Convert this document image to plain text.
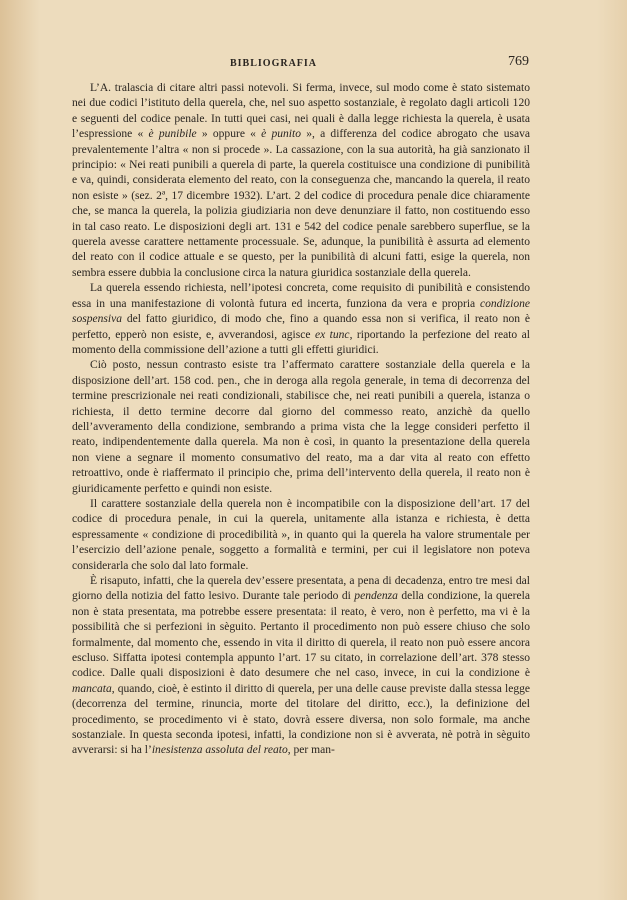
BIBLIOGRAFIA	769

L’A. tralascia di citare altri passi notevoli. Si ferma, invece, sul modo come è stato sistemato nei due codici l’istituto della querela, che, nel suo aspetto sostanziale, è regolato dagli articoli 120 e seguenti del codice penale. In tutti quei casi, nei quali è dalla legge richiesta la querela, è usata l’espressione « è punibile » oppure « è punito », a differenza del codice abrogato che usava prevalentemente l’altra « non si procede ». La cassazione, con la sua autorità, ha già sanzionato il principio: « Nei reati punibili a querela di parte, la querela costituisce una condizione di punibilità e va, quindi, considerata elemento del reato, con la conseguenza che, mancando la querela, il reato non esiste » (sez. 2ª, 17 dicembre 1932). L’art. 2 del codice di procedura penale dice chiaramente che, se manca la querela, la polizia giudiziaria non deve denunziare il fatto, non costituendo esso in tal caso reato. Le disposizioni degli art. 131 e 542 del codice penale sarebbero superflue, se la querela avesse carattere nettamente processuale. Se, adunque, la punibilità è assurta ad elemento del reato con il codice attuale e se questo, per la punibilità di alcuni fatti, esige la querela, non sembra essere dubbia la conclusione circa la natura giuridica sostanziale della querela.

La querela essendo richiesta, nell’ipotesi concreta, come requisito di punibilità e consistendo essa in una manifestazione di volontà futura ed incerta, funziona da vera e propria condizione sospensiva del fatto giuridico, di modo che, fino a quando essa non si verifica, il reato non è perfetto, epperò non esiste, e, avverandosi, agisce ex tunc, riportando la perfezione del reato al momento della commissione dell’azione a tutti gli effetti giuridici.

Ciò posto, nessun contrasto esiste tra l’affermato carattere sostanziale della querela e la disposizione dell’art. 158 cod. pen., che in deroga alla regola generale, in tema di decorrenza del termine prescrizionale nei reati condizionali, stabilisce che, nei reati punibili a querela, istanza o richiesta, il detto termine decorre dal giorno del commesso reato, anzichè da quello dell’avveramento della condizione, sembrando a prima vista che la legge consideri perfetto il reato, indipendentemente dalla querela. Ma non è così, in quanto la presentazione della querela non viene a segnare il momento consumativo del reato, ma a dar vita al reato con effetto retroattivo, onde è riaffermato il principio che, prima dell’intervento della querela, il reato non è giuridicamente perfetto e quindi non esiste.

Il carattere sostanziale della querela non è incompatibile con la disposizione dell’art. 17 del codice di procedura penale, in cui la querela, unitamente alla istanza e richiesta, è detta espressamente « condizione di procedibilità », in quanto qui la querela ha valore strumentale per l’esercizio dell’azione penale, soggetto a formalità e termini, per cui il legislatore non poteva considerarla che solo dal lato formale.

È risaputo, infatti, che la querela dev’essere presentata, a pena di decadenza, entro tre mesi dal giorno della notizia del fatto lesivo. Durante tale periodo di pendenza della condizione, la querela non è stata presentata, ma potrebbe essere presentata: il reato, è vero, non è perfetto, ma vi è la possibilità che si perfezioni in sèguito. Pertanto il procedimento non può essere chiuso che solo formalmente, dal momento che, essendo in vita il diritto di querela, il reato non può essere ancora escluso. Siffatta ipotesi contempla appunto l’art. 17 su citato, in correlazione dell’art. 378 stesso codice. Dalle quali disposizioni è dato desumere che nel caso, invece, in cui la condizione è mancata, quando, cioè, è estinto il diritto di querela, per una delle cause previste dalla stessa legge (decorrenza del termine, rinuncia, morte del titolare del diritto, ecc.), la definizione del procedimento, se procedimento vi è stato, dovrà essere diversa, non solo formale, ma anche sostanziale. In questa seconda ipotesi, infatti, la condizione non si è avverata, nè potrà in sèguito avverarsi: si ha l’inesistenza assoluta del reato, per man-
